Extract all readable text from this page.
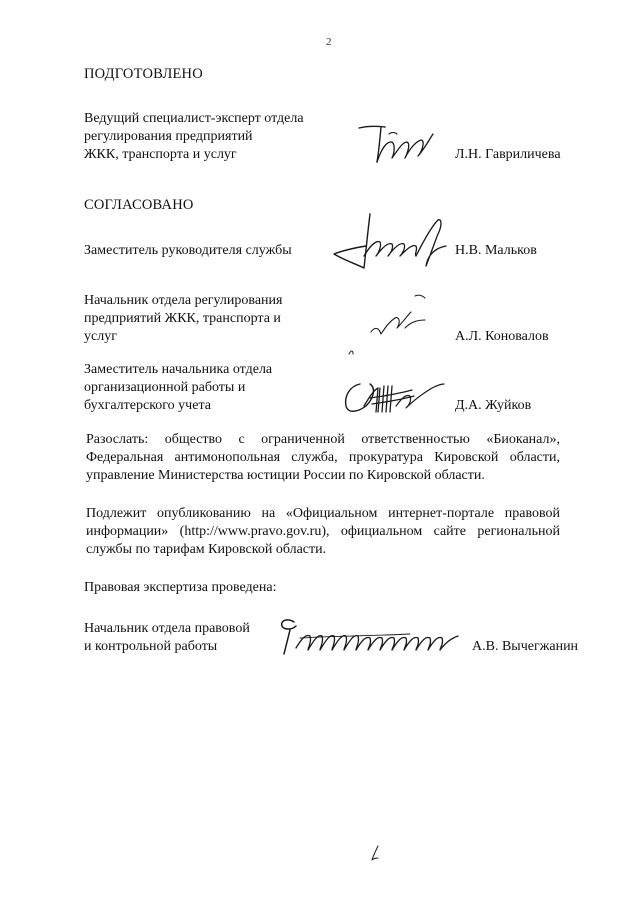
2
ПОДГОТОВЛЕНО
Ведущий специалист-эксперт отдела
регулирования предприятий
ЖКК, транспорта и услуг	Л.Н. Гавриличева
СОГЛАСОВАНО
Заместитель руководителя службы	Н.В. Мальков
Начальник отдела регулирования
предприятий ЖКК, транспорта и
услуг	А.Л. Коновалов
Заместитель начальника отдела
организационной работы и
бухгалтерского учета	Д.А. Жуйков
Разослать: общество с ограниченной ответственностью «Биоканал»,
Федеральная антимонопольная служба, прокуратура Кировской области,
управление Министерства юстиции России по Кировской области.
Подлежит опубликованию на «Официальном интернет-портале правовой
информации» (http://www.pravo.gov.ru), официальном сайте региональной
службы по тарифам Кировской области.
Правовая экспертиза проведена:
Начальник отдела правовой
и контрольной работы	А.В. Вычегжанин
